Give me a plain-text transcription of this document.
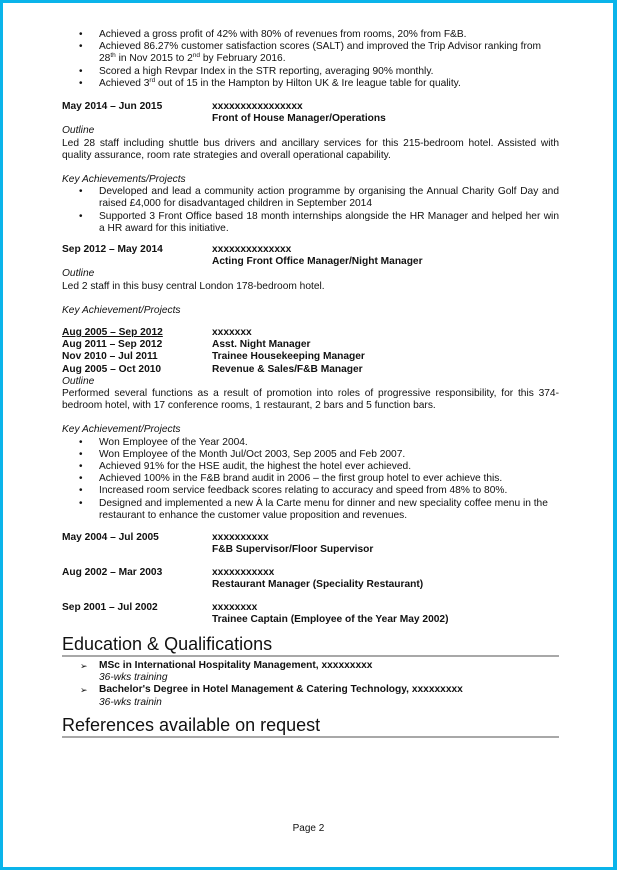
• Achieved a gross profit of 42% with 80% of revenues from rooms, 20% from F&B.
• Achieved 86.27% customer satisfaction scores (SALT) and improved the Trip Advisor ranking from
28th in Nov 2015 to 2nd by February 2016.
• Scored a high Revpar Index in the STR reporting, averaging 90% monthly.
• Achieved 3rd out of 15 in the Hampton by Hilton UK & Ire league table for quality.
May 2014 – Jun 2015	xxxxxxxxxxxxxxxx
Front of House Manager/Operations
Outline
Led 28 staff including shuttle bus drivers and ancillary services for this 215-bedroom hotel. Assisted with quality assurance, room rate strategies and overall operational capability.
Key Achievements/Projects
• Developed and lead a community action programme by organising the Annual Charity Golf Day and raised £4,000 for disadvantaged children in September 2014
• Supported 3 Front Office based 18 month internships alongside the HR Manager and helped her win a HR award for this initiative.
Sep 2012 – May 2014	xxxxxxxxxxxxxx
Acting Front Office Manager/Night Manager
Outline
Led 2 staff in this busy central London 178-bedroom hotel.
Key Achievement/Projects
Aug 2005 – Sep 2012	xxxxxxx
Aug 2011 – Sep 2012	Asst. Night Manager
Nov 2010 – Jul 2011	Trainee Housekeeping Manager
Aug 2005 – Oct 2010	Revenue & Sales/F&B Manager
Outline
Performed several functions as a result of promotion into roles of progressive responsibility, for this 374-bedroom hotel, with 17 conference rooms, 1 restaurant, 2 bars and 5 function bars.
Key Achievement/Projects
• Won Employee of the Year 2004.
• Won Employee of the Month Jul/Oct 2003, Sep 2005 and Feb 2007.
• Achieved 91% for the HSE audit, the highest the hotel ever achieved.
• Achieved 100% in the F&B brand audit in 2006 – the first group hotel to ever achieve this.
• Increased room service feedback scores relating to accuracy and speed from 48% to 80%.
• Designed and implemented a new À la Carte menu for dinner and new speciality coffee menu in the restaurant to enhance the customer value proposition and revenues.
May 2004 – Jul 2005	xxxxxxxxxx
F&B Supervisor/Floor Supervisor
Aug 2002 – Mar 2003	xxxxxxxxxxx
Restaurant Manager (Speciality Restaurant)
Sep 2001 – Jul 2002	xxxxxxxx
Trainee Captain (Employee of the Year May 2002)
Education & Qualifications
➢ MSc in International Hospitality Management, xxxxxxxxx
36-wks training
➢ Bachelor's Degree in Hotel Management & Catering Technology, xxxxxxxxx
36-wks trainin
References available on request
Page 2
